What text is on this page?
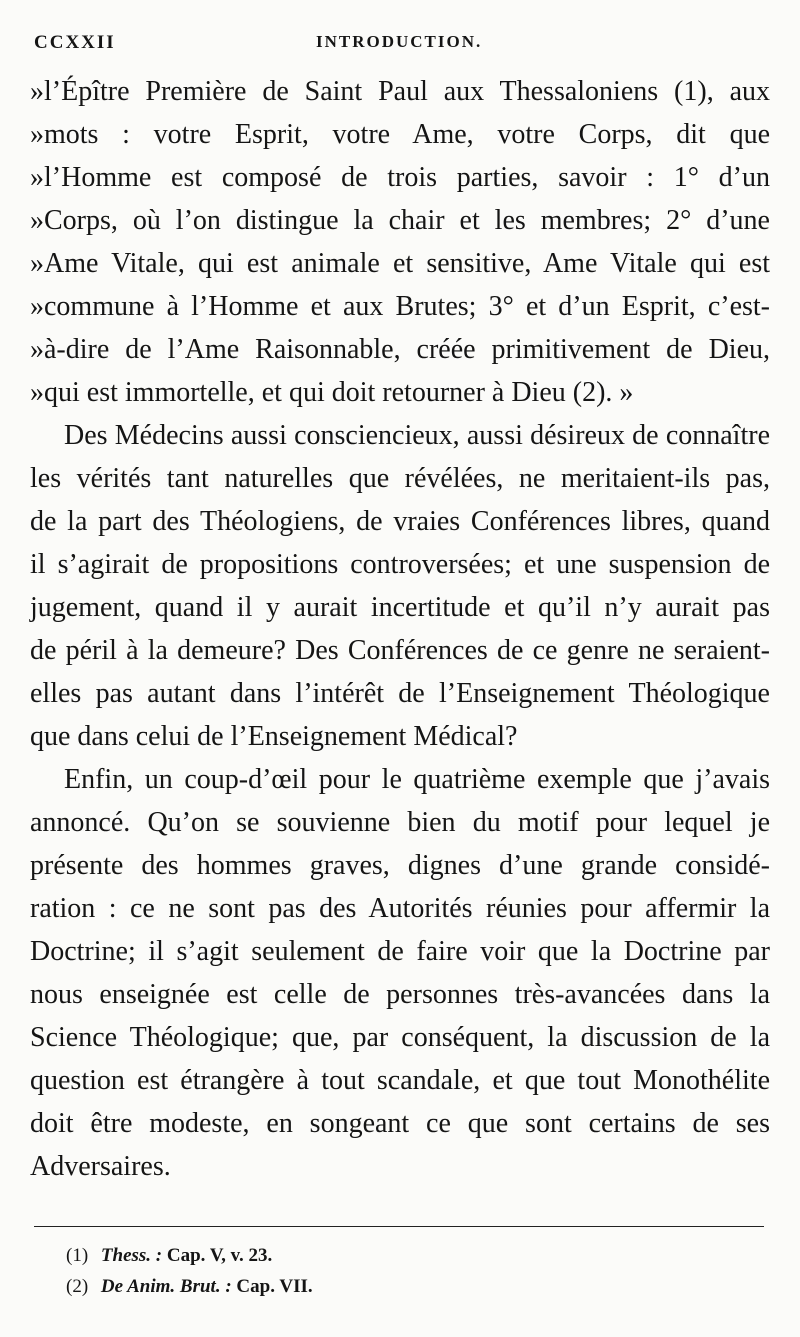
CCXXII	INTRODUCTION.
»l’Épître Première de Saint Paul aux Thessaloniens (1), aux
»mots : votre Esprit, votre Ame, votre Corps, dit que
»l’Homme est composé de trois parties, savoir : 1° d’un
»Corps, où l’on distingue la chair et les membres; 2° d’une
»Ame Vitale, qui est animale et sensitive, Ame Vitale qui est
»commune à l’Homme et aux Brutes; 3° et d’un Esprit, c’est-
»à-dire de l’Ame Raisonnable, créée primitivement de Dieu,
»qui est immortelle, et qui doit retourner à Dieu (2). »
Des Médecins aussi consciencieux, aussi désireux de connaître
les vérités tant naturelles que révélées, ne meritaient-ils pas,
de la part des Théologiens, de vraies Conférences libres, quand
il s’agirait de propositions controversées; et une suspension de
jugement, quand il y aurait incertitude et qu’il n’y aurait pas
de péril à la demeure? Des Conférences de ce genre ne seraient-
elles pas autant dans l’intérêt de l’Enseignement Théologique
que dans celui de l’Enseignement Médical?
Enfin, un coup-d’œil pour le quatrième exemple que j’avais
annoncé. Qu’on se souvienne bien du motif pour lequel je
présente des hommes graves, dignes d’une grande considé-
ration : ce ne sont pas des Autorités réunies pour affermir la
Doctrine; il s’agit seulement de faire voir que la Doctrine par
nous enseignée est celle de personnes très-avancées dans la
Science Théologique; que, par conséquent, la discussion de la
question est étrangère à tout scandale, et que tout Monothélite
doit être modeste, en songeant ce que sont certains de ses
Adversaires.
(1) Thess. : Cap. V, v. 23.
(2) De Anim. Brut. : Cap. VII.
